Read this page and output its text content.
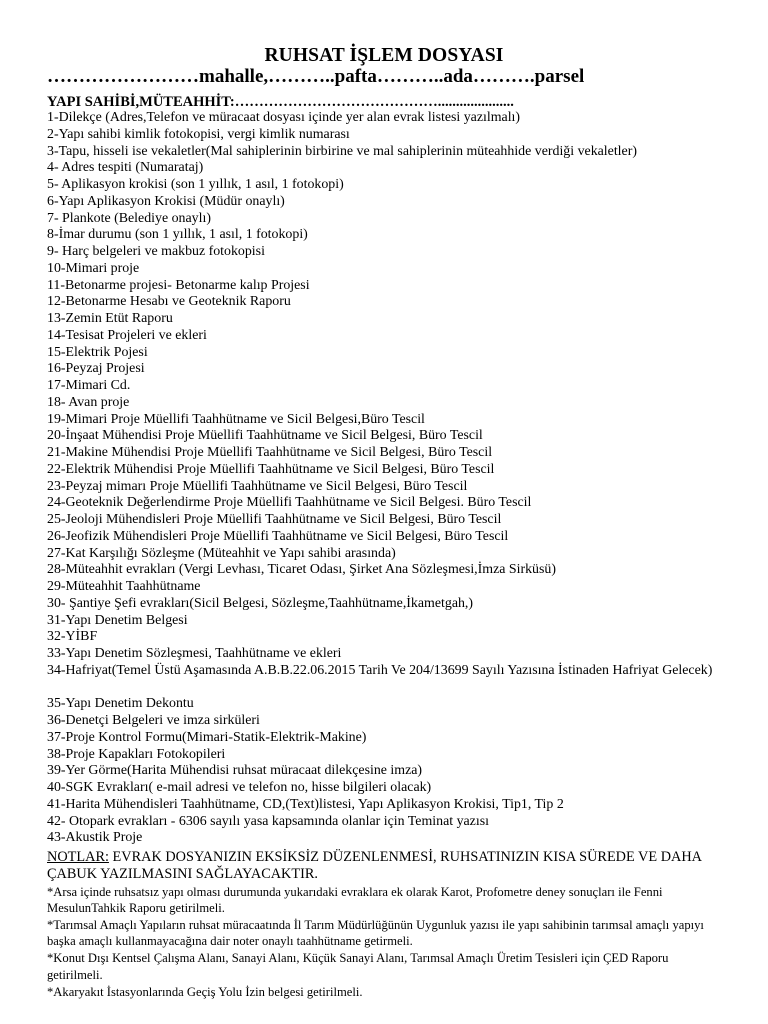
RUHSAT İŞLEM DOSYASI
……………………mahalle,………..pafta………..ada……….parsel
YAPI SAHİBİ,MÜTEAHHİT:…………………………………….....................
1-Dilekçe (Adres,Telefon ve müracaat dosyası içinde yer alan evrak listesi yazılmalı)
2-Yapı sahibi kimlik fotokopisi, vergi kimlik numarası
3-Tapu, hisseli ise vekaletler(Mal sahiplerinin birbirine ve mal sahiplerinin müteahhide verdiği vekaletler)
4- Adres tespiti (Numarataj)
5- Aplikasyon krokisi (son 1 yıllık, 1 asıl, 1 fotokopi)
6-Yapı Aplikasyon Krokisi (Müdür onaylı)
7- Plankote (Belediye onaylı)
8-İmar durumu (son 1 yıllık, 1 asıl, 1 fotokopi)
9- Harç belgeleri ve makbuz fotokopisi
10-Mimari proje
11-Betonarme projesi- Betonarme kalıp Projesi
12-Betonarme Hesabı ve Geoteknik Raporu
13-Zemin Etüt Raporu
14-Tesisat Projeleri ve ekleri
15-Elektrik Pojesi
16-Peyzaj Projesi
17-Mimari Cd.
18- Avan proje
19-Mimari Proje Müellifi Taahhütname ve Sicil Belgesi,Büro Tescil
20-İnşaat Mühendisi Proje Müellifi Taahhütname ve Sicil Belgesi, Büro Tescil
21-Makine Mühendisi Proje Müellifi Taahhütname ve Sicil Belgesi, Büro Tescil
22-Elektrik Mühendisi Proje Müellifi Taahhütname ve Sicil Belgesi, Büro Tescil
23-Peyzaj mimarı Proje Müellifi Taahhütname ve Sicil Belgesi, Büro Tescil
24-Geoteknik Değerlendirme Proje Müellifi Taahhütname ve Sicil Belgesi. Büro Tescil
25-Jeoloji Mühendisleri Proje Müellifi Taahhütname ve Sicil Belgesi, Büro Tescil
26-Jeofizik Mühendisleri Proje Müellifi Taahhütname ve Sicil Belgesi, Büro Tescil
27-Kat Karşılığı Sözleşme (Müteahhit ve Yapı sahibi arasında)
28-Müteahhit evrakları (Vergi Levhası, Ticaret Odası, Şirket Ana Sözleşmesi,İmza Sirküsü)
29-Müteahhit Taahhütname
30- Şantiye Şefi evrakları(Sicil Belgesi, Sözleşme,Taahhütname,İkametgah,)
31-Yapı Denetim Belgesi
32-YİBF
33-Yapı Denetim Sözleşmesi, Taahhütname ve ekleri
34-Hafriyat(Temel Üstü Aşamasında A.B.B.22.06.2015 Tarih Ve 204/13699 Sayılı Yazısına İstinaden Hafriyat Gelecek)
35-Yapı Denetim Dekontu
36-Denetçi Belgeleri ve imza sirküleri
37-Proje Kontrol Formu(Mimari-Statik-Elektrik-Makine)
38-Proje Kapakları Fotokopileri
39-Yer Görme(Harita Mühendisi ruhsat müracaat dilekçesine imza)
40-SGK Evrakları( e-mail adresi ve telefon no, hisse bilgileri olacak)
41-Harita Mühendisleri Taahhütname, CD,(Text)listesi, Yapı Aplikasyon Krokisi, Tip1, Tip 2
42- Otopark evrakları - 6306 sayılı yasa kapsamında olanlar için Teminat yazısı
43-Akustik Proje
NOTLAR: EVRAK DOSYANIZIN EKSİKSİZ DÜZENLENMESİ, RUHSATINIZIN KISA SÜREDE VE DAHA ÇABUK YAZILMASINI SAĞLAYACAKTIR.
*Arsa içinde ruhsatsız yapı olması durumunda yukarıdaki evraklara ek olarak Karot, Profometre deney sonuçları ile Fenni MesulunTahkik Raporu getirilmeli.
*Tarımsal Amaçlı Yapıların ruhsat müracaatında İl Tarım Müdürlüğünün Uygunluk yazısı ile yapı sahibinin tarımsal amaçlı yapıyı başka amaçlı kullanmayacağına dair noter onaylı taahhütname getirmeli.
*Konut Dışı Kentsel Çalışma Alanı, Sanayi Alanı, Küçük Sanayi Alanı, Tarımsal Amaçlı Üretim Tesisleri için ÇED Raporu getirilmeli.
*Akaryakıt İstasyonlarında Geçiş Yolu İzin belgesi getirilmeli.
